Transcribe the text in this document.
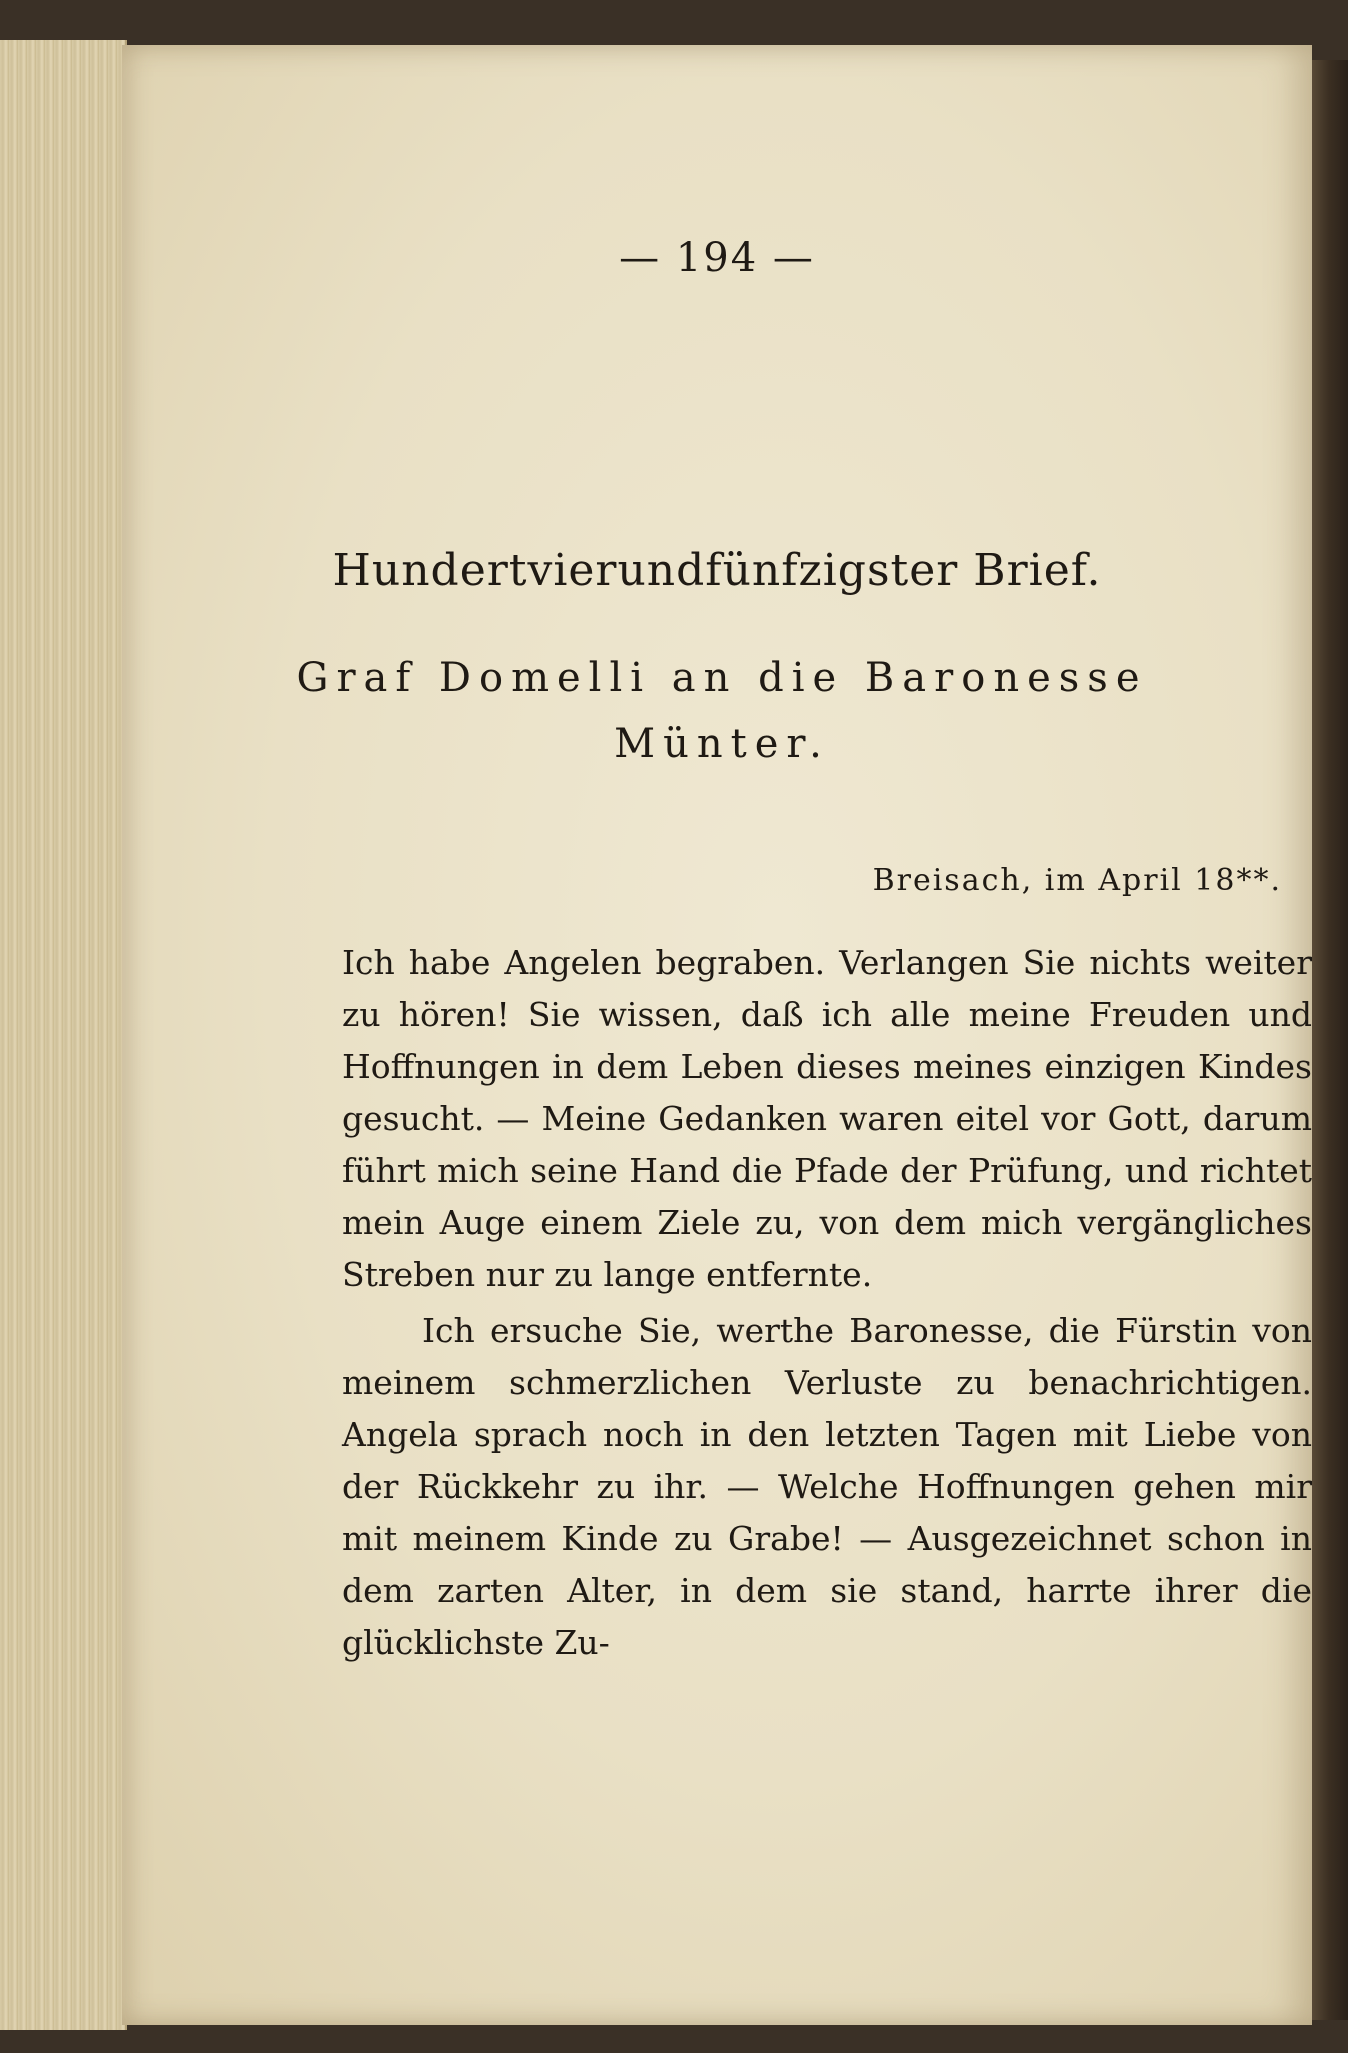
— 194 —
Hundertvierundfünfzigster Brief.
Graf Domelli an die Baronesse Münter.
Breisach, im April 18**.

Ich habe Angelen begraben. Verlangen Sie nichts weiter zu hören! Sie wissen, daß ich alle meine Freuden und Hoffnungen in dem Leben dieses meines einzigen Kindes gesucht. — Meine Gedanken waren eitel vor Gott, darum führt mich seine Hand die Pfade der Prüfung, und richtet mein Auge einem Ziele zu, von dem mich vergängliches Streben nur zu lange entfernte.

Ich ersuche Sie, werthe Baronesse, die Fürstin von meinem schmerzlichen Verluste zu benachrichtigen. Angela sprach noch in den letzten Tagen mit Liebe von der Rückkehr zu ihr. — Welche Hoffnungen gehen mir mit meinem Kinde zu Grabe! — Ausgezeichnet schon in dem zarten Alter, in dem sie stand, harrte ihrer die glücklichste Zu-
